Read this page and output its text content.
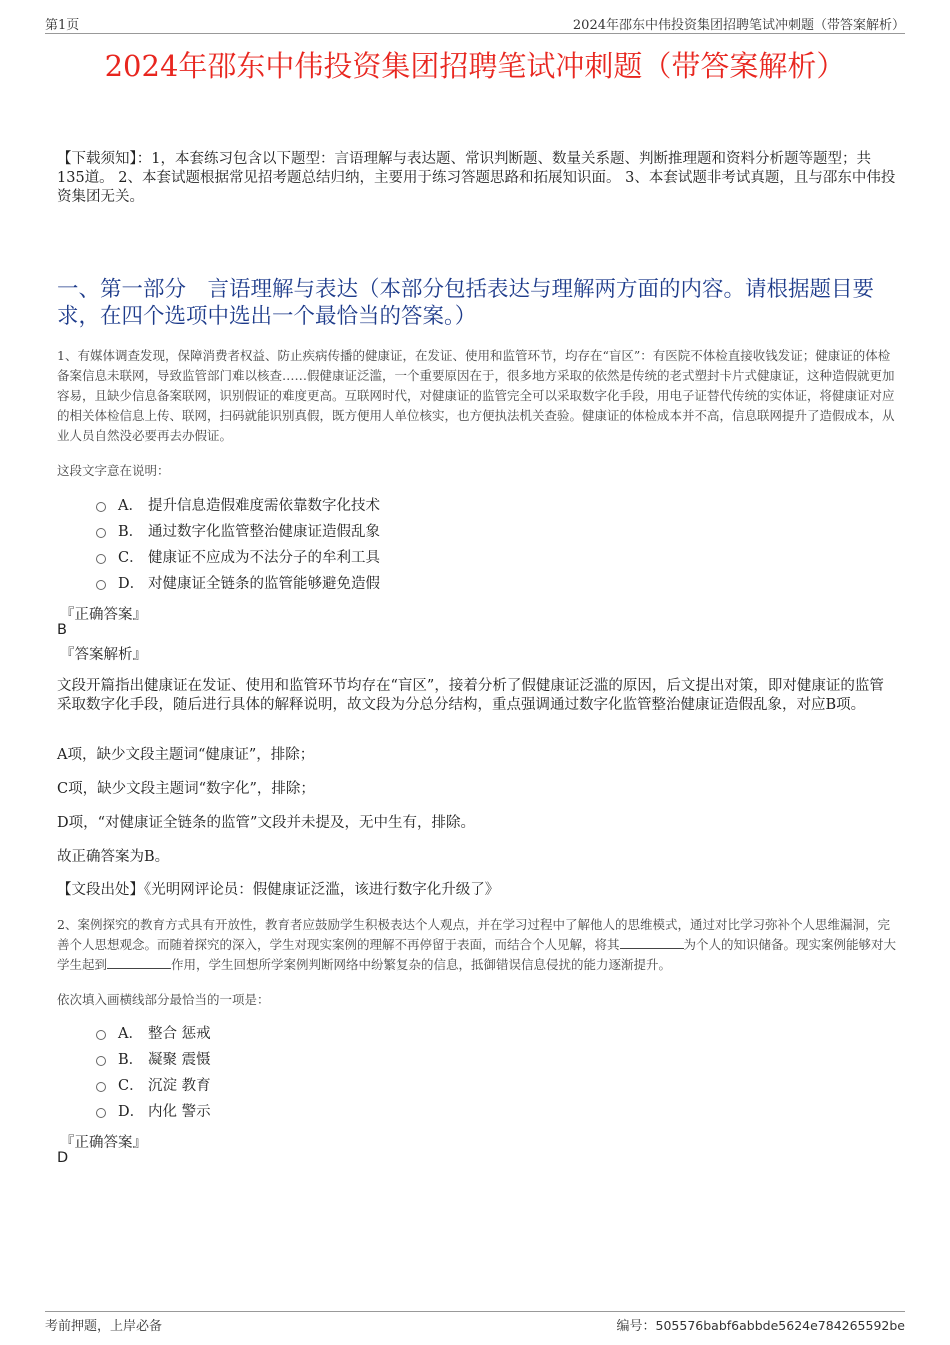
第1页	2024年邵东中伟投资集团招聘笔试冲刺题（带答案解析）
2024年邵东中伟投资集团招聘笔试冲刺题（带答案解析）
【下载须知】：1，本套练习包含以下题型：言语理解与表达题、常识判断题、数量关系题、判断推理题和资料分析题等题型；共135道。 2、本套试题根据常见招考题总结归纳，主要用于练习答题思路和拓展知识面。 3、本套试题非考试真题，且与邵东中伟投资集团无关。
一、第一部分　言语理解与表达（本部分包括表达与理解两方面的内容。请根据题目要求，在四个选项中选出一个最恰当的答案。）
1、有媒体调查发现，保障消费者权益、防止疾病传播的健康证，在发证、使用和监管环节，均存在“盲区”：有医院不体检直接收钱发证；健康证的体检备案信息未联网，导致监管部门难以核查……假健康证泛滥，一个重要原因在于，很多地方采取的依然是传统的老式塑封卡片式健康证，这种造假就更加容易，且缺少信息备案联网，识别假证的难度更高。互联网时代，对健康证的监管完全可以采取数字化手段，用电子证替代传统的实体证，将健康证对应的相关体检信息上传、联网，扫码就能识别真假，既方便用人单位核实，也方便执法机关查验。健康证的体检成本并不高，信息联网提升了造假成本，从业人员自然没必要再去办假证。
这段文字意在说明：
A． 提升信息造假难度需依靠数字化技术
B． 通过数字化监管整治健康证造假乱象
C． 健康证不应成为不法分子的牟利工具
D． 对健康证全链条的监管能够避免造假
『正确答案』
B
『答案解析』
文段开篇指出健康证在发证、使用和监管环节均存在“盲区”，接着分析了假健康证泛滥的原因，后文提出对策，即对健康证的监管采取数字化手段，随后进行具体的解释说明，故文段为分总分结构，重点强调通过数字化监管整治健康证造假乱象，对应B项。
A项，缺少文段主题词“健康证”，排除；
C项，缺少文段主题词“数字化”，排除；
D项，“对健康证全链条的监管”文段并未提及，无中生有，排除。
故正确答案为B。
【文段出处】《光明网评论员：假健康证泛滥，该进行数字化升级了》
2、案例探究的教育方式具有开放性，教育者应鼓励学生积极表达个人观点，并在学习过程中了解他人的思维模式，通过对比学习弥补个人思维漏洞，完善个人思想观念。而随着探究的深入，学生对现实案例的理解不再停留于表面，而结合个人见解，将其	为个人的知识储备。现实案例能够对大学生起到	作用，学生回想所学案例判断网络中纷繁复杂的信息，抵御错误信息侵扰的能力逐渐提升。
依次填入画横线部分最恰当的一项是：
A． 整合 惩戒
B． 凝聚 震慑
C． 沉淀 教育
D． 内化 警示
『正确答案』
D
考前押题，上岸必备	编号：505576babf6abbde5624e784265592be
